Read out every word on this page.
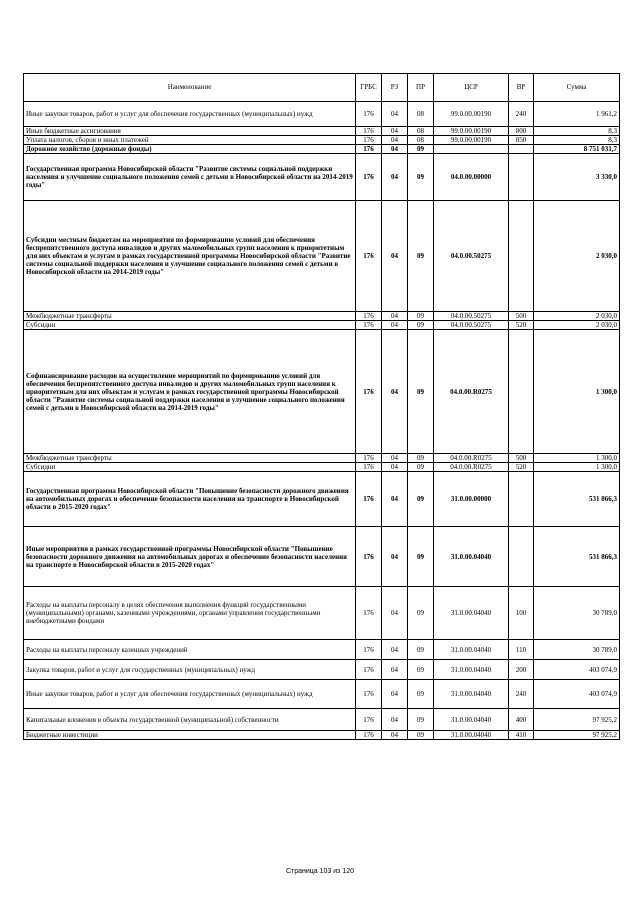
Наименование	ГРБС	РЗ	ПР	ЦСР	ВР	Сумма
Иные закупки товаров, работ и услуг для обеспечения государственных (муниципальных) нужд	176	04	08	99.0.00.00190	240	1 961,2
Иные бюджетные ассигнования	176	04	08	99.0.00.00190	800	8,3
Уплата налогов, сборов и иных платежей	176	04	08	99.0.00.00190	850	8,3
Дорожное хозяйство (дорожные фонды)	176	04	09			8 751 031,7
Государственная программа Новосибирской области "Развитие системы социальной поддержки населения и улучшение социального положения семей с детьми в Новосибирской области на 2014-2019 годы"	176	04	09	04.0.00.00000		3 330,0
Субсидии местным бюджетам на мероприятия по формированию условий для обеспечения беспрепятственного доступа инвалидов и других маломобильных групп населения к приоритетным для них объектам и услугам в рамках государственной программы Новосибирской области "Развитие системы социальной поддержки населения и улучшение социального положения семей с детьми в Новосибирской области на 2014-2019 годы"	176	04	09	04.0.00.50275		2 030,0
Межбюджетные трансферты	176	04	09	04.0.00.50275	500	2 030,0
Субсидии	176	04	09	04.0.00.50275	520	2 030,0
Софинансирование расходов на осуществление мероприятий по формированию условий для обеспечения беспрепятственного доступа инвалидов и других маломобильных групп населения к приоритетным для них объектам и услугам в рамках государственной программы Новосибирской области "Развитие системы социальной поддержки населения и улучшение социального положения семей с детьми в Новосибирской области на 2014-2019 годы"	176	04	09	04.0.00.R0275		1 300,0
Межбюджетные трансферты	176	04	09	04.0.00.R0275	500	1 300,0
Субсидии	176	04	09	04.0.00.R0275	520	1 300,0
Государственная программа Новосибирской области "Повышение безопасности дорожного движения на автомобильных дорогах и обеспечение безопасности населения на транспорте в Новосибирской области в 2015-2020 годах"	176	04	09	31.0.00.00000		531 866,3
Иные мероприятия в рамках государственной программы Новосибирской области "Повышение безопасности дорожного движения на автомобильных дорогах и обеспечение безопасности населения на транспорте в Новосибирской области в 2015-2020 годах"	176	04	09	31.0.00.04040		531 866,3
Расходы на выплаты персоналу в целях обеспечения выполнения функций государственными (муниципальными) органами, казенными учреждениями, органами управления государственными внебюджетными фондами	176	04	09	31.0.00.04040	100	30 789,0
Расходы на выплаты персоналу казенных учреждений	176	04	09	31.0.00.04040	110	30 789,0
Закупка товаров, работ и услуг для государственных (муниципальных) нужд	176	04	09	31.0.00.04040	200	403 074,9
Иные закупки товаров, работ и услуг для обеспечения государственных (муниципальных) нужд	176	04	09	31.0.00.04040	240	403 074,9
Капитальные вложения в объекты государственной (муниципальной) собственности	176	04	09	31.0.00.04040	400	97 925,2
Бюджетные инвестиции	176	04	09	31.0.00.04040	410	97 925,2
Страница 103 из 120
